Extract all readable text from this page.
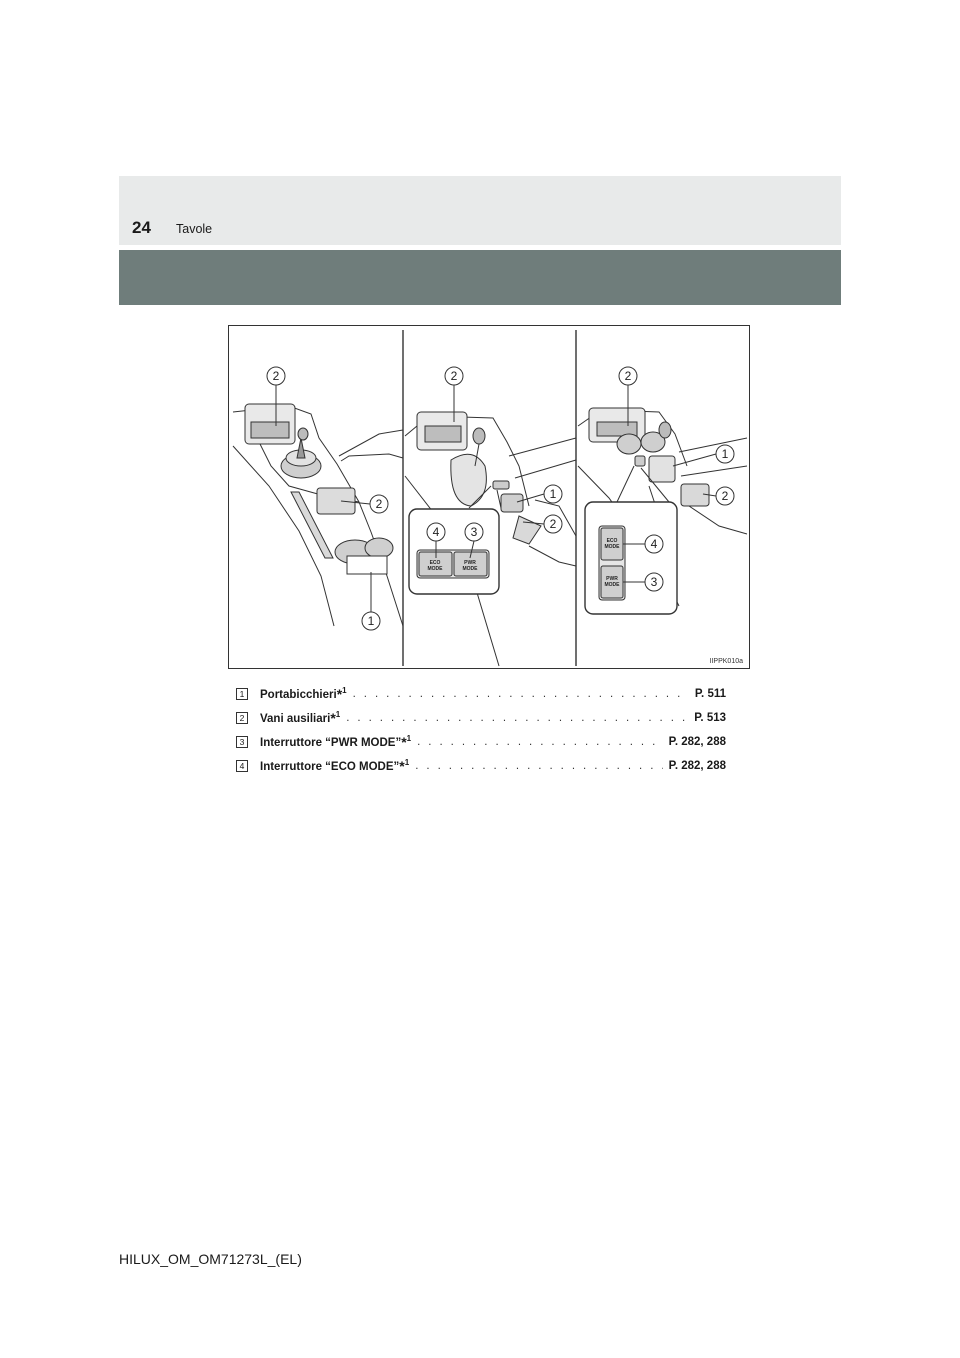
24 Tavole
2
2
1
2
1
2
4	3
2
1
2
4
3
ECO
MODE
PWR
MODE
ECO
MODE
PWR
MODE
IIPPK010a
1	Portabicchieri*$^1$ . . .	P. 511
2	Vani ausiliari*$^1$ . . .	P. 513
3	Interruttore “PWR MODE”*$^1$ . . .	P. 282, 288
4	Interruttore “ECO MODE”*$^1$ . . .	P. 282, 288
HILUX_OM_OM71273L_(EL)
